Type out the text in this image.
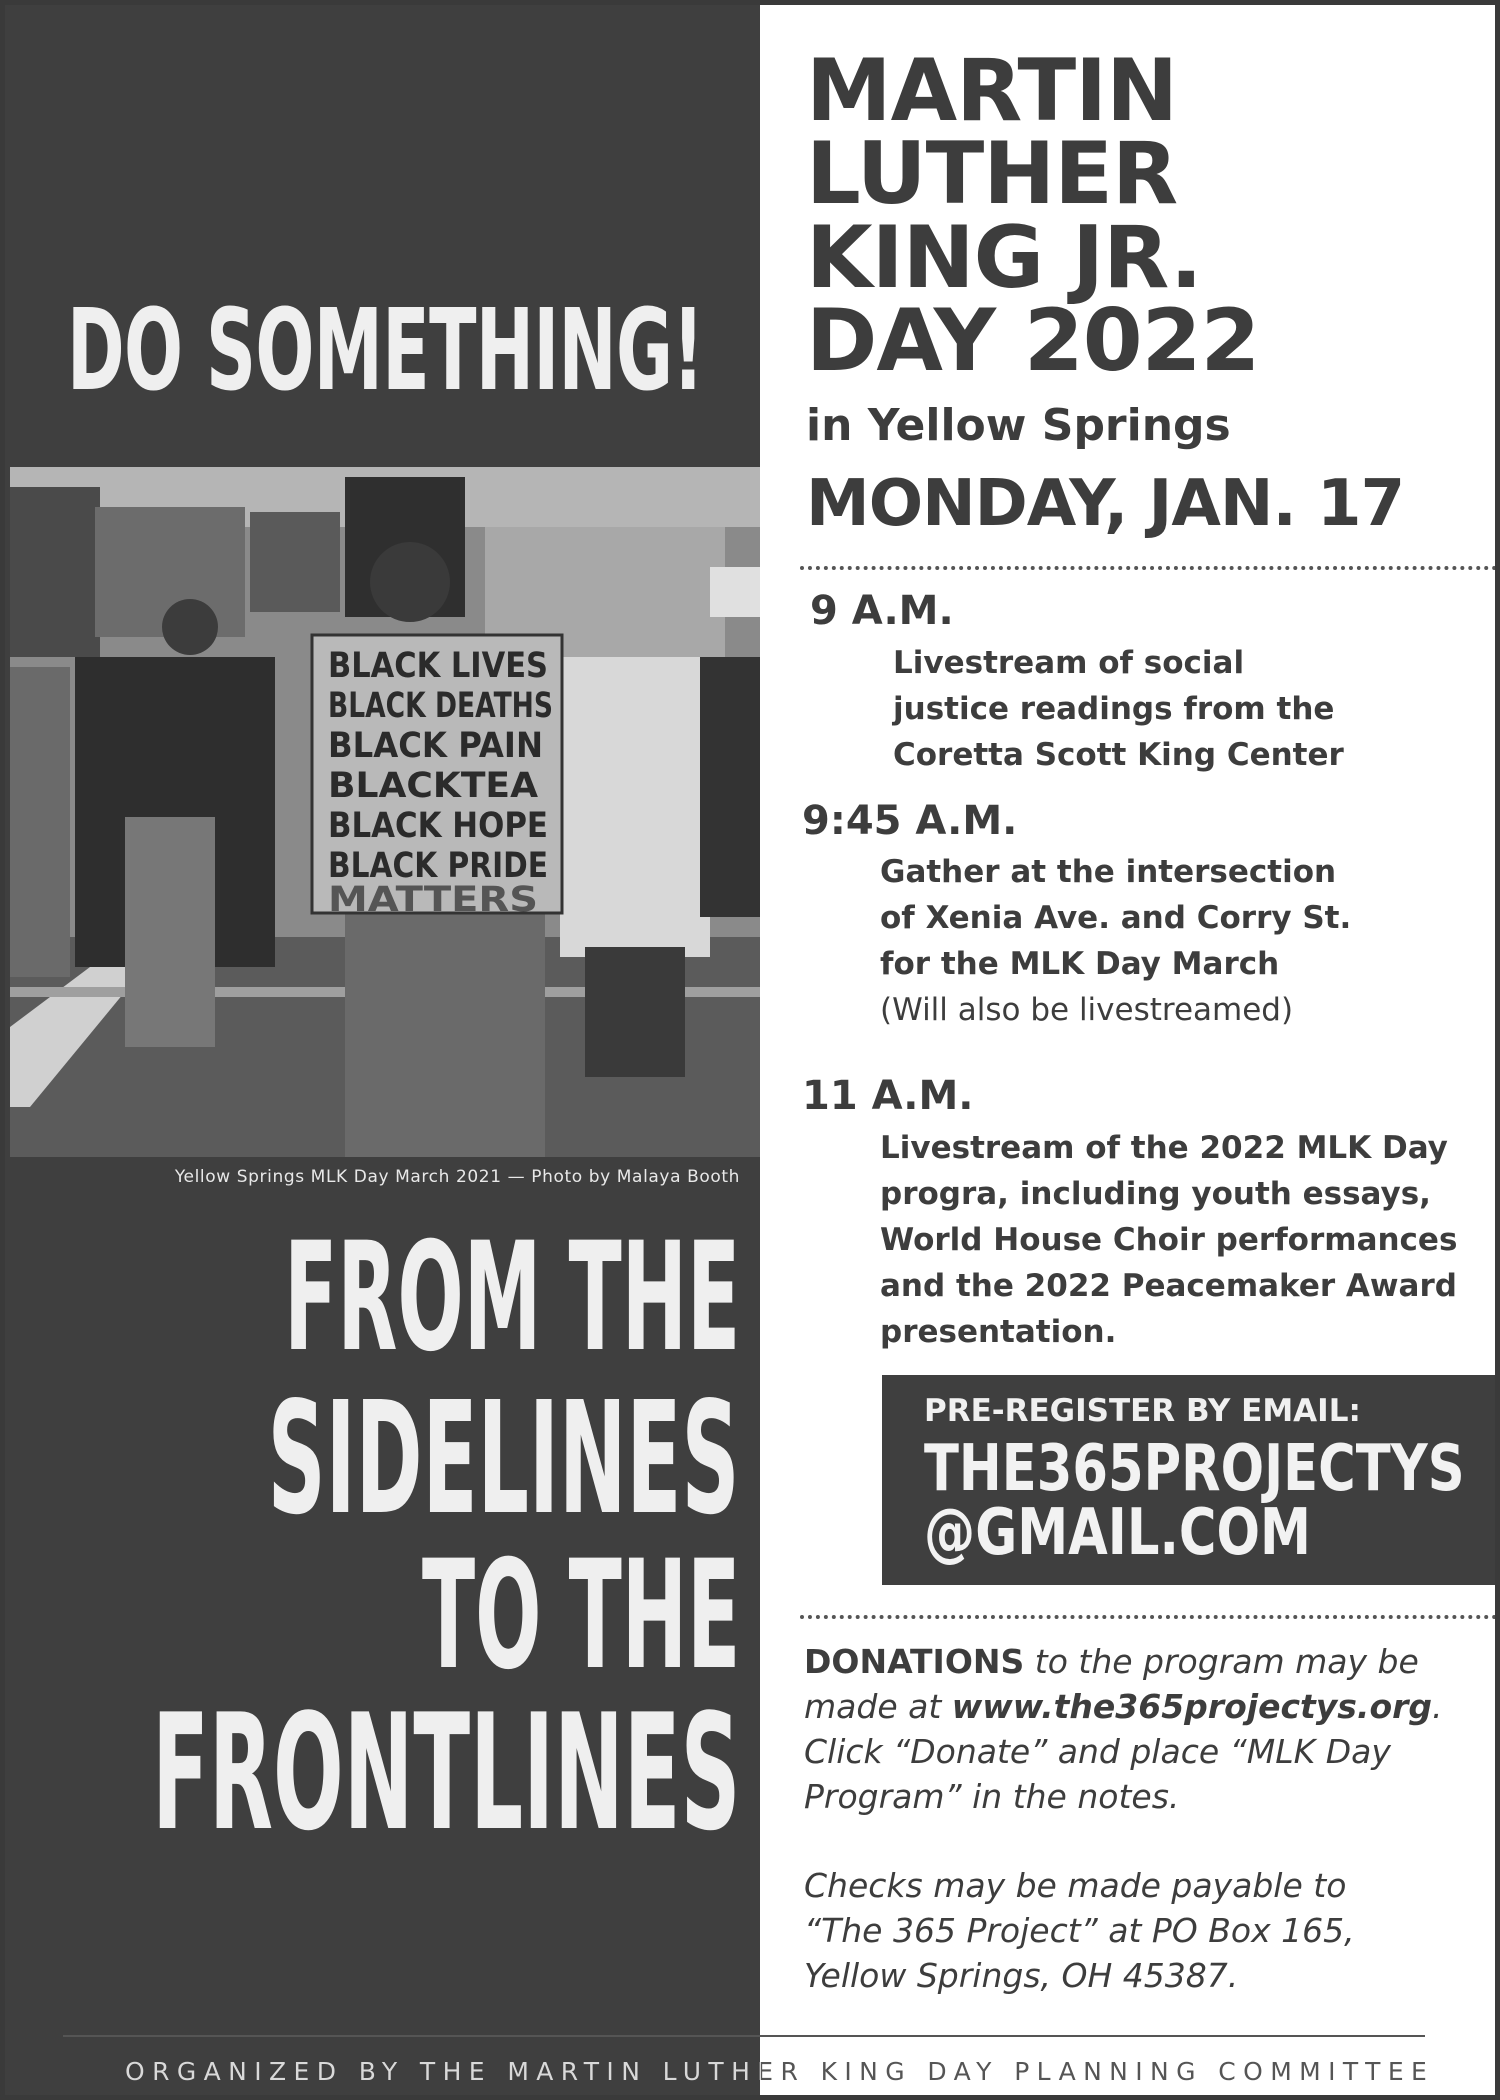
DO SOMETHING!
BLACK LIVES
BLACK DEATHS
BLACK PAIN
BLACKTEA
BLACK HOPE
BLACK PRIDE
MATTERS
Yellow Springs MLK Day March 2021 — Photo by Malaya Booth
FROM THE
SIDELINES
TO THE
FRONTLINES
MARTIN
LUTHER
KING JR.
DAY 2022
in Yellow Springs
MONDAY, JAN. 17
9 A.M.
Livestream of social
justice readings from the
Coretta Scott King Center
9:45 A.M.
Gather at the intersection
of Xenia Ave. and Corry St.
for the MLK Day March
(Will also be livestreamed)
11 A.M.
Livestream of the 2022 MLK Day
progra, including youth essays,
World House Choir performances
and the 2022 Peacemaker Award
presentation.
PRE-REGISTER BY EMAIL:
THE365PROJECTYS
@GMAIL.COM
DONATIONS to the program may be made at www.the365projectys.org. Click “Donate” and place “MLK Day Program” in the notes.
Checks may be made payable to
“The 365 Project” at PO Box 165,
Yellow Springs, OH 45387.
ORGANIZED BY THE MARTIN LUTHER KING DAY PLANNING COMMITTEE
